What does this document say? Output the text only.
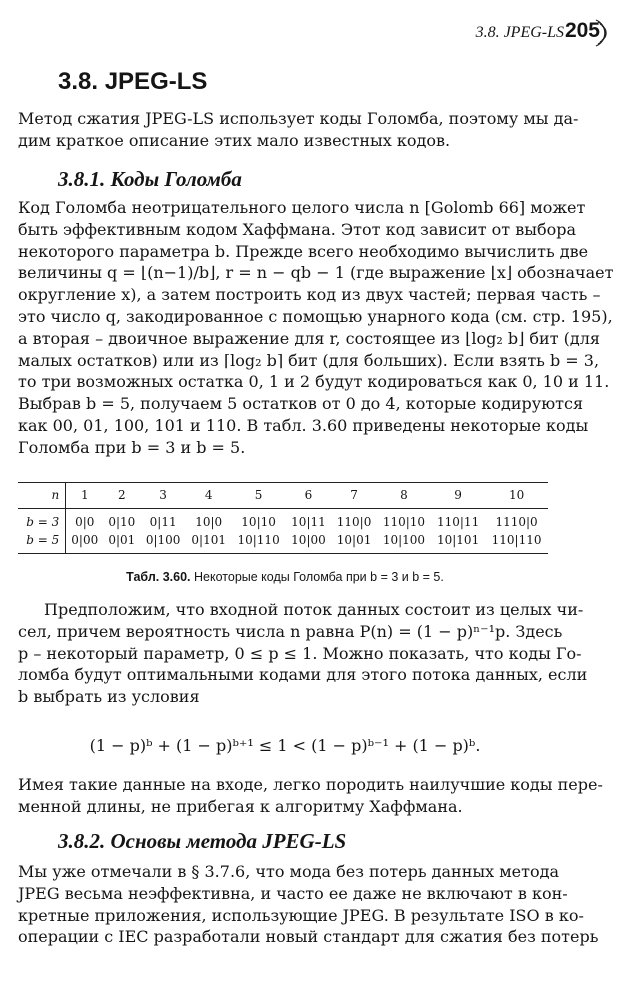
3.8. JPEG-LS 205
3.8. JPEG-LS

Метод сжатия JPEG-LS использует коды Голомба, поэтому мы да-
дим краткое описание этих мало известных кодов.

3.8.1. Коды Голомба

Код Голомба неотрицательного целого числа n [Golomb 66] может
быть эффективным кодом Хаффмана. Этот код зависит от выбора
некоторого параметра b. Прежде всего необходимо вычислить две
величины q = ⌊(n−1)/b⌋, r = n − qb − 1 (где выражение ⌊x⌋ обозначает
округление x), а затем построить код из двух частей; первая часть –
это число q, закодированное с помощью унарного кода (см. стр. 195),
а вторая – двоичное выражение для r, состоящее из ⌊log₂ b⌋ бит (для
малых остатков) или из ⌈log₂ b⌉ бит (для больших). Если взять b = 3,
то три возможных остатка 0, 1 и 2 будут кодироваться как 0, 10 и 11.
Выбрав b = 5, получаем 5 остатков от 0 до 4, которые кодируются
как 00, 01, 100, 101 и 110. В табл. 3.60 приведены некоторые коды
Голомба при b = 3 и b = 5.

n	1	2	3	4	5	6	7	8	9	10
b = 3	0|0	0|10	0|11	10|0	10|10	10|11	110|0	110|10	110|11	1110|0
b = 5	0|00	0|01	0|100	0|101	10|110	10|00	10|01	10|100	10|101	110|110
Табл. 3.60. Некоторые коды Голомба при b = 3 и b = 5.

Предположим, что входной поток данных состоит из целых чи-
сел, причем вероятность числа n равна P(n) = (1 − p)ⁿ⁻¹p. Здесь
p – некоторый параметр, 0 ≤ p ≤ 1. Можно показать, что коды Го-
ломба будут оптимальными кодами для этого потока данных, если
b выбрать из условия

(1 − p)ᵇ + (1 − p)ᵇ⁺¹ ≤ 1 < (1 − p)ᵇ⁻¹ + (1 − p)ᵇ.

Имея такие данные на входе, легко породить наилучшие коды пере-
менной длины, не прибегая к алгоритму Хаффмана.

3.8.2. Основы метода JPEG-LS

Мы уже отмечали в § 3.7.6, что мода без потерь данных метода
JPEG весьма неэффективна, и часто ее даже не включают в кон-
кретные приложения, использующие JPEG. В результате ISO в ко-
операции с IEC разработали новый стандарт для сжатия без потерь
